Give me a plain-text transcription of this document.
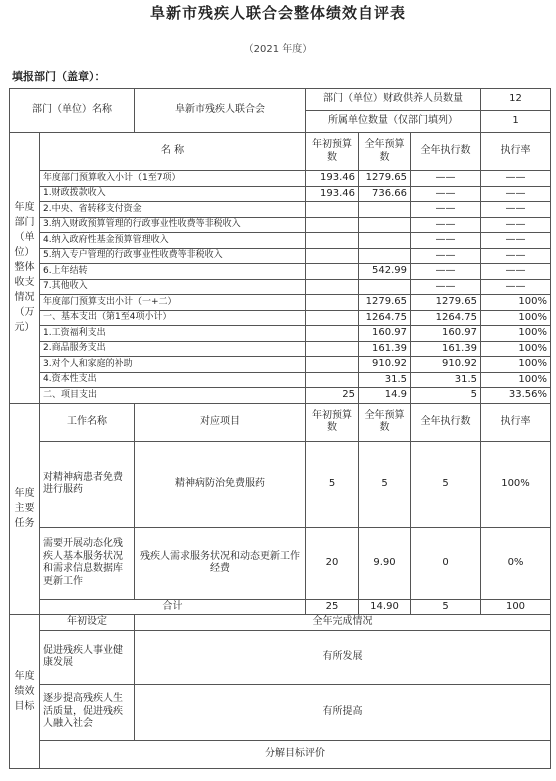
阜新市残疾人联合会整体绩效自评表
（2021 年度）
填报部门（盖章）：
部门（单位）名称		阜新市残疾人联合会	部门（单位）财政供养人员数量			12
			所属单位数量（仅部门填列）			1
年度部门（单位）整体收支情况（万元）	名 称		年初预算数	全年预算数	全年执行数	执行率
	年度部门预算收入小计（1至7项）		193.46	1279.65	——	——
	1.财政拨款收入		193.46	736.66	——	——
	2.中央、省转移支付资金				——	——
	3.纳入财政预算管理的行政事业性收费等非税收入				——	——
	4.纳入政府性基金预算管理收入				——	——
	5.纳入专户管理的行政事业性收费等非税收入				——	——
	6.上年结转			542.99	——	——
	7.其他收入				——	——
	年度部门预算支出小计（一+二）			1279.65	1279.65	100%
	一、基本支出（第1至4项小计）			1264.75	1264.75	100%
	1.工资福利支出			160.97	160.97	100%
	2.商品服务支出			161.39	161.39	100%
	3.对个人和家庭的补助			910.92	910.92	100%
	4.资本性支出			31.5	31.5	100%
	二、项目支出		25	14.9	5	33.56%
年度主要任务	工作名称	对应项目	年初预算数	全年预算数	全年执行数	执行率
	对精神病患者免费进行服药	精神病防治免费服药	5	5	5	100%
	需要开展动态化残疾人基本服务状况和需求信息数据库更新工作	残疾人需求服务状况和动态更新工作经费	20	9.90	0	0%
	合计		25	14.90	5	100
年度绩效目标	年初设定	全年完成情况				
	促进残疾人事业健康发展	有所发展				
	逐步提高残疾人生活质量，促进残疾人融入社会	有所提高				
	分解目标评价					
